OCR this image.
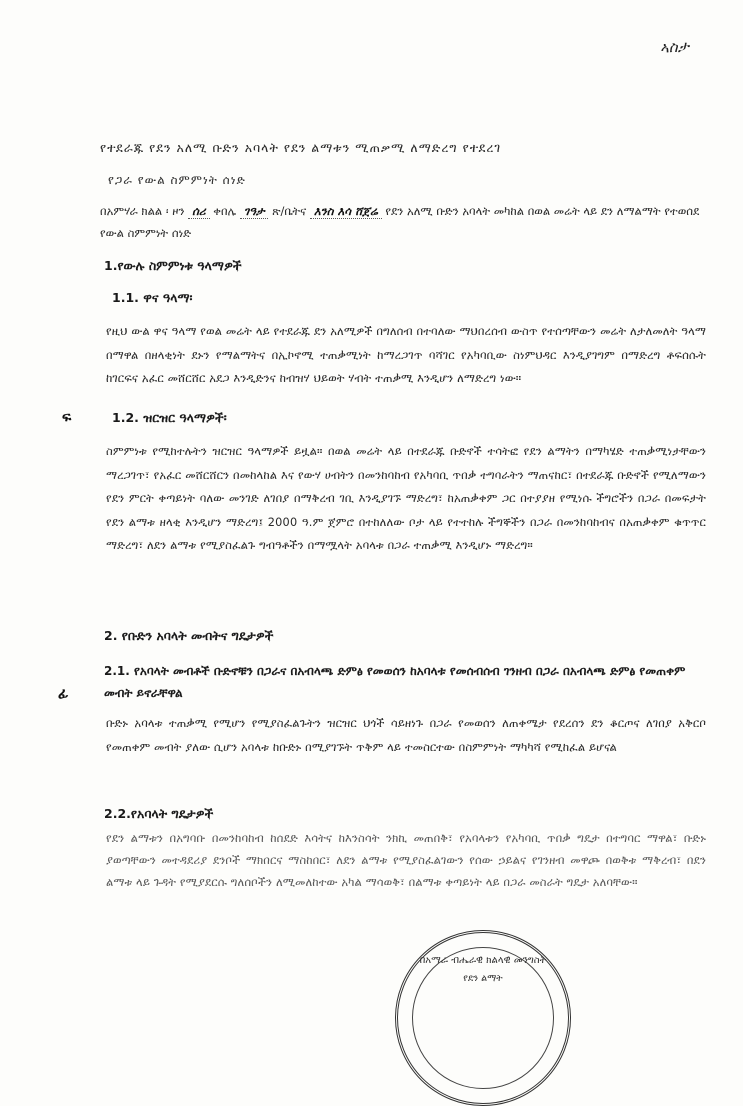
ኣስታ
የተደራጁ የደን አለሚ ቡድን አባላት የደን ልማቱን ሚጠቃሚ ለማድረግ የተደረገ
የጋራ የውል ስምምነት ሰነድ
በአምሃራ ክልል ፡ ዞን ሰሪ ቀበሌ ገዓታ ጽ/ቤትና እንስ እሳ ሸጀሬ የደን አለሚ ቡድን አባላት መካከል በወል መሬት ላይ ደን ለማልማት የተወሰደ የውል ስምምነት ሰነድ
1.የውሉ ስምምነቱ ዓላማዎች
1.1. ዋና ዓላማ፡
የዚህ ውል ዋና ዓላማ የወል መሬት ላይ የተደራጁ ደን አለሚዎች በግለሰብ በተባለው ማህበረሰብ ውስጥ የተሰጣቸውን መሬት ለታለመለት ዓላማ በማዋል በዘላቂነት ደኑን የማልማትና በኢኮኖሚ ተጠቃሚነት ከማረጋገጥ ባሻገር የአካባቢው ስነምህዳር እንዲያገግም በማድረግ ቶፍሰሱት ከገርፍና አፈር መሸርሸር አደጋ እንዲድንና ከብዝሃ ህይወት ሃብት ተጠቃሚ እንዲሆን ለማድረግ ነው።
ፍ	1.2. ዝርዝር ዓላማዎች፡
ስምምነቱ የሚከተሉትን ዝርዝር ዓላማዎች ይዟል። በወል መሬት ላይ በተደራጁ ቡድኖች ተሳትፎ የደን ልማትን በማካሄድ ተጠቃሚነታቸውን ማረጋገጥ፣ የአፈር መሸርሸርን በመከላከል እና የውሃ ሀብትን በመንከባከብ የአካባቢ ጥበቃ ተግባራትን ማጠናከር፣ በተደራጁ ቡድኖች የሚለማውን የደን ምርት ቀጣይነት ባለው መንገድ ለገበያ በማቅረብ ገቢ እንዲያገኙ ማድረግ፣ ከአጠቃቀም ጋር በተያያዘ የሚነሱ ችግሮችን በጋራ በመፍታት የደን ልማቱ ዘላቂ እንዲሆን ማድረግ፤ 2000 ዓ.ም ጀምሮ በተከለለው ቦታ ላይ የተተከሉ ችግኞችን በጋራ በመንከባከብና በአጠቃቀም ቁጥጥር ማድረግ፣ ለደን ልማቱ የሚያስፈልጉ ግብዓቶችን በማሟላት አባላቱ በጋራ ተጠቃሚ እንዲሆኑ ማድረግ።
2. የቡድን አባላት መብትና ግዴታዎች
ፊ
2.1. የአባላት መብቶች ቡድኖቹን በጋራና በአብላጫ ድምፅ የመወሰን ከአባላቱ የመሰብሰብ ገንዘብ በጋራ በአብላጫ ድምፅ የመጠቀም መብት ይኖራቸዋል
ቡድኑ አባላቱ ተጠቃሚ የሚሆን የሚያስፈልጉትን ዝርዝር ህጎች ሳይዘነጉ በጋራ የመወሰን ለጠቀሜታ የደረሰን ደን ቆርጦና ለገበያ አቅርቦ የመጠቀም መብት ያለው ሲሆን አባላቱ ከቡድኑ በሚያገኙት ጥቅም ላይ ተመስርተው በስምምነት ማካካሻ የሚከፈል ይሆናል
2.2.የአባላት ግዴታዎች
የደን ልማቱን በአግባቡ በመንከባከብ ከሰደድ እሳትና ከእንስሳት ንክኪ መጠበቅ፣ የአባላቱን የአካባቢ ጥበቃ ግዴታ በተግባር ማዋል፣ ቡድኑ ያወጣቸውን መተዳደሪያ ደንቦች ማክበርና ማስከበር፣ ለደን ልማቱ የሚያስፈልገውን የሰው ኃይልና የገንዘብ መዋጮ በወቅቱ ማቅረብ፣ በደን ልማቱ ላይ ጉዳት የሚያደርሱ ግለሰቦችን ለሚመለከተው አካል ማሳወቅ፣ በልማቱ ቀጣይነት ላይ በጋራ መስራት ግዴታ አለባቸው።
በአማራ ብሔራዊ ክልላዊ መንግስት
የደን ልማት
